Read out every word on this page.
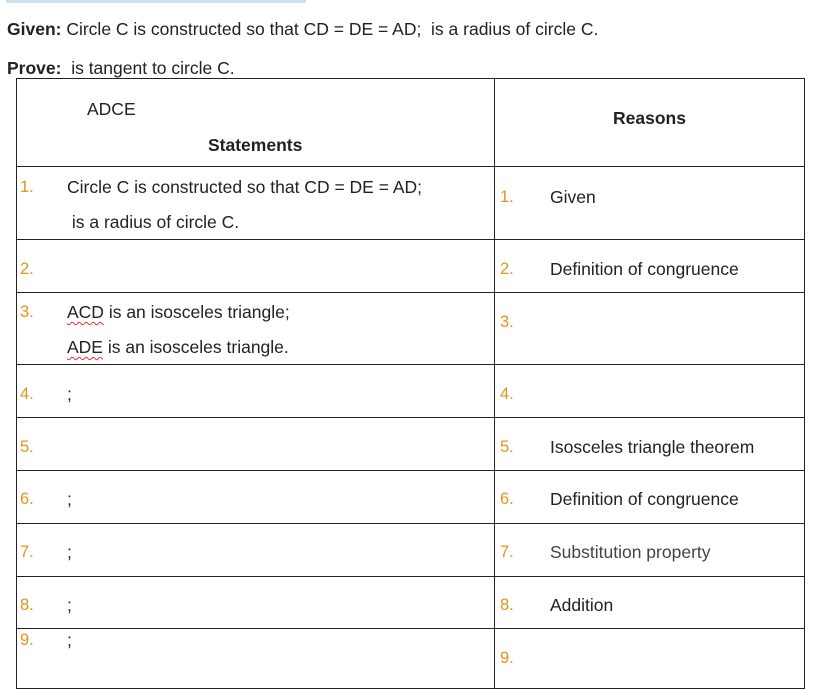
Given: Circle C is constructed so that CD = DE = AD;  is a radius of circle C.
Prove:  is tangent to circle C.
ADCE
Statements	Reasons

1. Circle C is constructed so that CD = DE = AD;
is a radius of circle C.	1. Given

2.	2. Definition of congruence

3. ACD is an isosceles triangle;
ADE is an isosceles triangle.	3.

4. ;	4.

5.	5. Isosceles triangle theorem

6. ;	6. Definition of congruence

7. ;	7. Substitution property

8. ;	8. Addition

9. ;	9.
